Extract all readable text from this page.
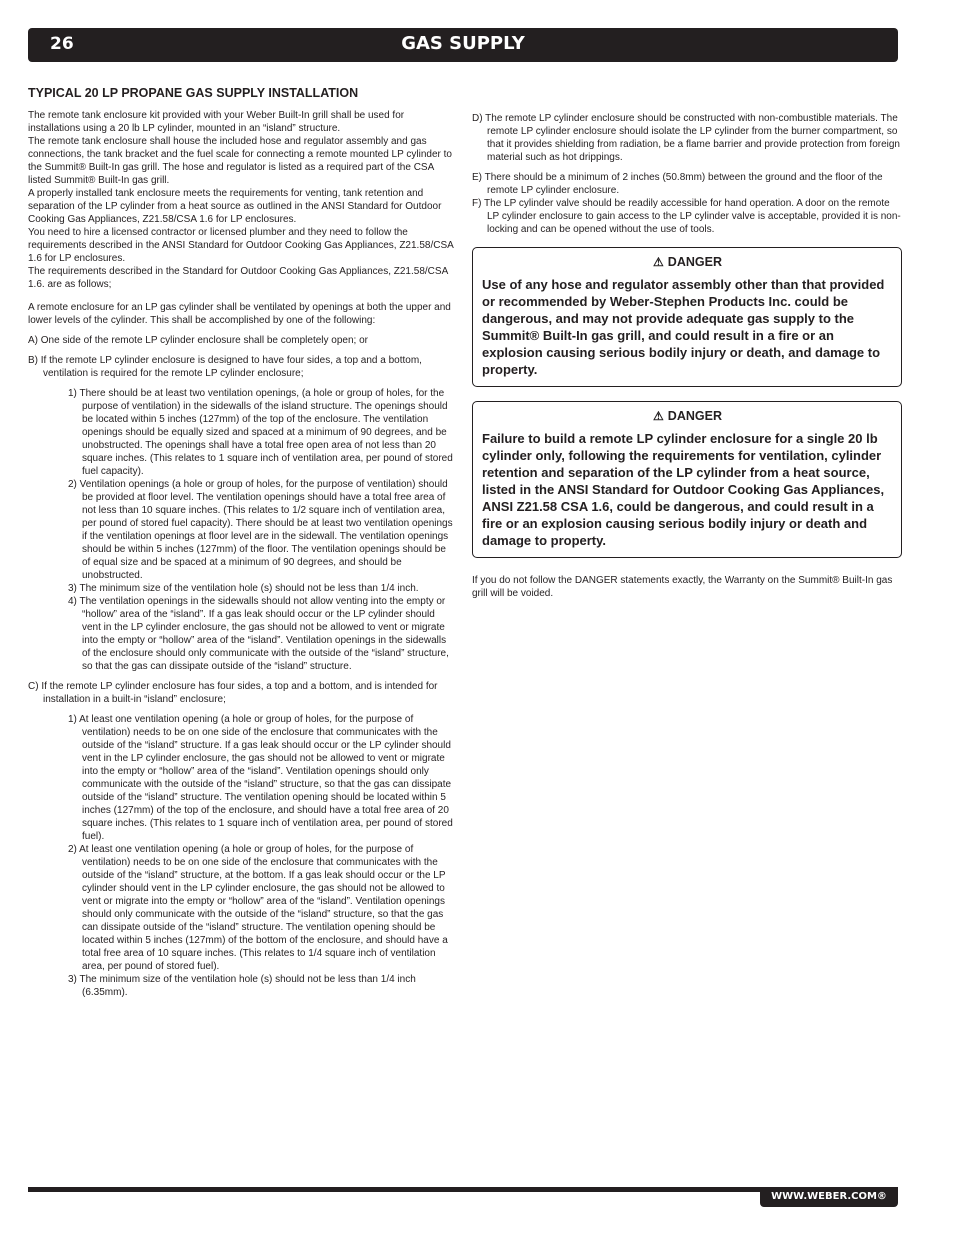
26	GAS SUPPLY
TYPICAL 20 LP PROPANE GAS SUPPLY INSTALLATION

The remote tank enclosure kit provided with your Weber Built-In grill shall be used for installations using a 20 lb LP cylinder, mounted in an “island” structure.

The remote tank enclosure shall house the included hose and regulator assembly and gas connections, the tank bracket and the fuel scale for connecting a remote mounted LP cylinder to the Summit® Built-In gas grill. The hose and regulator is listed as a required part of the CSA listed Summit® Built-In gas grill.

A properly installed tank enclosure meets the requirements for venting, tank retention and separation of the LP cylinder from a heat source as outlined in the ANSI Standard for Outdoor Cooking Gas Appliances, Z21.58/CSA 1.6 for LP enclosures.

You need to hire a licensed contractor or licensed plumber and they need to follow the requirements described in the ANSI Standard for Outdoor Cooking Gas Appliances, Z21.58/CSA 1.6 for LP enclosures.

The requirements described in the Standard for Outdoor Cooking Gas Appliances, Z21.58/CSA 1.6. are as follows;

A remote enclosure for an LP gas cylinder shall be ventilated by openings at both the upper and lower levels of the cylinder. This shall be accomplished by one of the following:

A) One side of the remote LP cylinder enclosure shall be completely open; or

B) If the remote LP cylinder enclosure is designed to have four sides, a top and a bottom, ventilation is required for the remote LP cylinder enclosure;

1) There should be at least two ventilation openings, (a hole or group of holes, for the purpose of ventilation) in the sidewalls of the island structure. The openings should be located within 5 inches (127mm) of the top of the enclosure. The ventilation openings should be equally sized and spaced at a minimum of 90 degrees, and be unobstructed. The openings shall have a total free open area of not less than 20 square inches. (This relates to 1 square inch of ventilation area, per pound of stored fuel capacity).

2) Ventilation openings (a hole or group of holes, for the purpose of ventilation) should be provided at floor level. The ventilation openings should have a total free area of not less than 10 square inches. (This relates to 1/2 square inch of ventilation area, per pound of stored fuel capacity). There should be at least two ventilation openings if the ventilation openings at floor level are in the sidewall. The ventilation openings should be within 5 inches (127mm) of the floor. The ventilation openings should be of equal size and be spaced at a minimum of 90 degrees, and should be unobstructed.

3) The minimum size of the ventilation hole (s) should not be less than 1/4 inch.

4) The ventilation openings in the sidewalls should not allow venting into the empty or “hollow” area of the “island”. If a gas leak should occur or the LP cylinder should vent in the LP cylinder enclosure, the gas should not be allowed to vent or migrate into the empty or “hollow” area of the “island”. Ventilation openings in the sidewalls of the enclosure should only communicate with the outside of the “island” structure, so that the gas can dissipate outside of the “island” structure.

C) If the remote LP cylinder enclosure has four sides, a top and a bottom, and is intended for installation in a built-in “island” enclosure;

1) At least one ventilation opening (a hole or group of holes, for the purpose of ventilation) needs to be on one side of the enclosure that communicates with the outside of the “island” structure. If a gas leak should occur or the LP cylinder should vent in the LP cylinder enclosure, the gas should not be allowed to vent or migrate into the empty or “hollow” area of the “island”. Ventilation openings should only communicate with the outside of the “island” structure, so that the gas can dissipate outside of the “island” structure. The ventilation opening should be located within 5 inches (127mm) of the top of the enclosure, and should have a total free area of 20 square inches. (This relates to 1 square inch of ventilation area, per pound of stored fuel).

2) At least one ventilation opening (a hole or group of holes, for the purpose of ventilation) needs to be on one side of the enclosure that communicates with the outside of the “island” structure, at the bottom. If a gas leak should occur or the LP cylinder should vent in the LP cylinder enclosure, the gas should not be allowed to vent or migrate into the empty or “hollow” area of the “island”. Ventilation openings should only communicate with the outside of the “island” structure, so that the gas can dissipate outside of the “island” structure. The ventilation opening should be located within 5 inches (127mm) of the bottom of the enclosure, and should have a total free area of 10 square inches. (This relates to 1/4 square inch of ventilation area, per pound of stored fuel).

3) The minimum size of the ventilation hole (s) should not be less than 1/4 inch (6.35mm).

D) The remote LP cylinder enclosure should be constructed with non-combustible materials. The remote LP cylinder enclosure should isolate the LP cylinder from the burner compartment, so that it provides shielding from radiation, be a flame barrier and provide protection from foreign material such as hot drippings.

E) There should be a minimum of 2 inches (50.8mm) between the ground and the floor of the remote LP cylinder enclosure.

F) The LP cylinder valve should be readily accessible for hand operation. A door on the remote LP cylinder enclosure to gain access to the LP cylinder valve is acceptable, provided it is non-locking and can be opened without the use of tools.

⚠ DANGER
Use of any hose and regulator assembly other than that provided or recommended by Weber-Stephen Products Inc. could be dangerous, and may not provide adequate gas supply to the Summit® Built-In gas grill, and could result in a fire or an explosion causing serious bodily injury or death, and damage to property.
⚠ DANGER
Failure to build a remote LP cylinder enclosure for a single 20 lb cylinder only, following the requirements for ventilation, cylinder retention and separation of the LP cylinder from a heat source, listed in the ANSI Standard for Outdoor Cooking Gas Appliances, ANSI Z21.58 CSA 1.6, could be dangerous, and could result in a fire or an explosion causing serious bodily injury or death and damage to property.

If you do not follow the DANGER statements exactly, the Warranty on the Summit® Built-In gas grill will be voided.

WWW.WEBER.COM®
